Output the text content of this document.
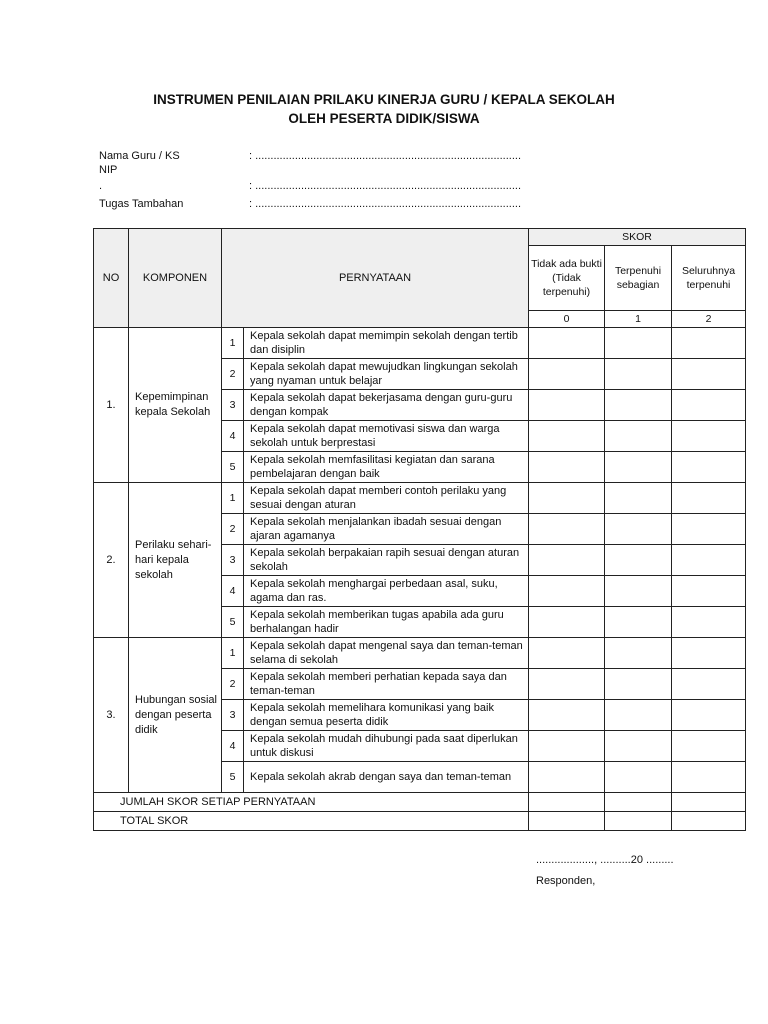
INSTRUMEN PENILAIAN PRILAKU KINERJA GURU / KEPALA SEKOLAH
OLEH PESERTA DIDIK/SISWA
Nama Guru / KS	: .......................................................................................
NIP
.	: .......................................................................................
Tugas Tambahan	: .......................................................................................
NO	KOMPONEN	PERNYATAAN		SKOR		
				Tidak ada bukti (Tidak terpenuhi)	Terpenuhi sebagian	Seluruhnya terpenuhi
				0	1	2
1.	Kepemimpinan kepala Sekolah	1	Kepala sekolah dapat memimpin sekolah dengan tertib dan disiplin			
		2	Kepala sekolah dapat mewujudkan lingkungan sekolah yang nyaman untuk belajar			
		3	Kepala sekolah dapat bekerjasama dengan guru-guru dengan kompak			
		4	Kepala sekolah dapat memotivasi siswa dan warga sekolah untuk berprestasi			
		5	Kepala sekolah memfasilitasi kegiatan dan sarana pembelajaran dengan baik			
2.	Perilaku sehari-hari kepala sekolah	1	Kepala sekolah dapat memberi contoh perilaku yang sesuai dengan aturan			
		2	Kepala sekolah menjalankan ibadah sesuai dengan ajaran agamanya			
		3	Kepala sekolah berpakaian rapih sesuai dengan aturan sekolah			
		4	Kepala sekolah menghargai perbedaan asal, suku, agama dan ras.			
		5	Kepala sekolah memberikan tugas apabila ada guru berhalangan hadir			
3.	Hubungan sosial dengan peserta didik	1	Kepala sekolah dapat mengenal saya dan teman-teman selama di sekolah			
		2	Kepala sekolah memberi perhatian kepada saya dan teman-teman			
		3	Kepala sekolah memelihara komunikasi yang baik dengan semua peserta didik			
		4	Kepala sekolah mudah dihubungi pada saat diperlukan untuk diskusi			
		5	Kepala sekolah akrab dengan saya dan teman-teman			
JUMLAH SKOR SETIAP PERNYATAAN						
TOTAL SKOR						
..................., ..........20 .........
Responden,
